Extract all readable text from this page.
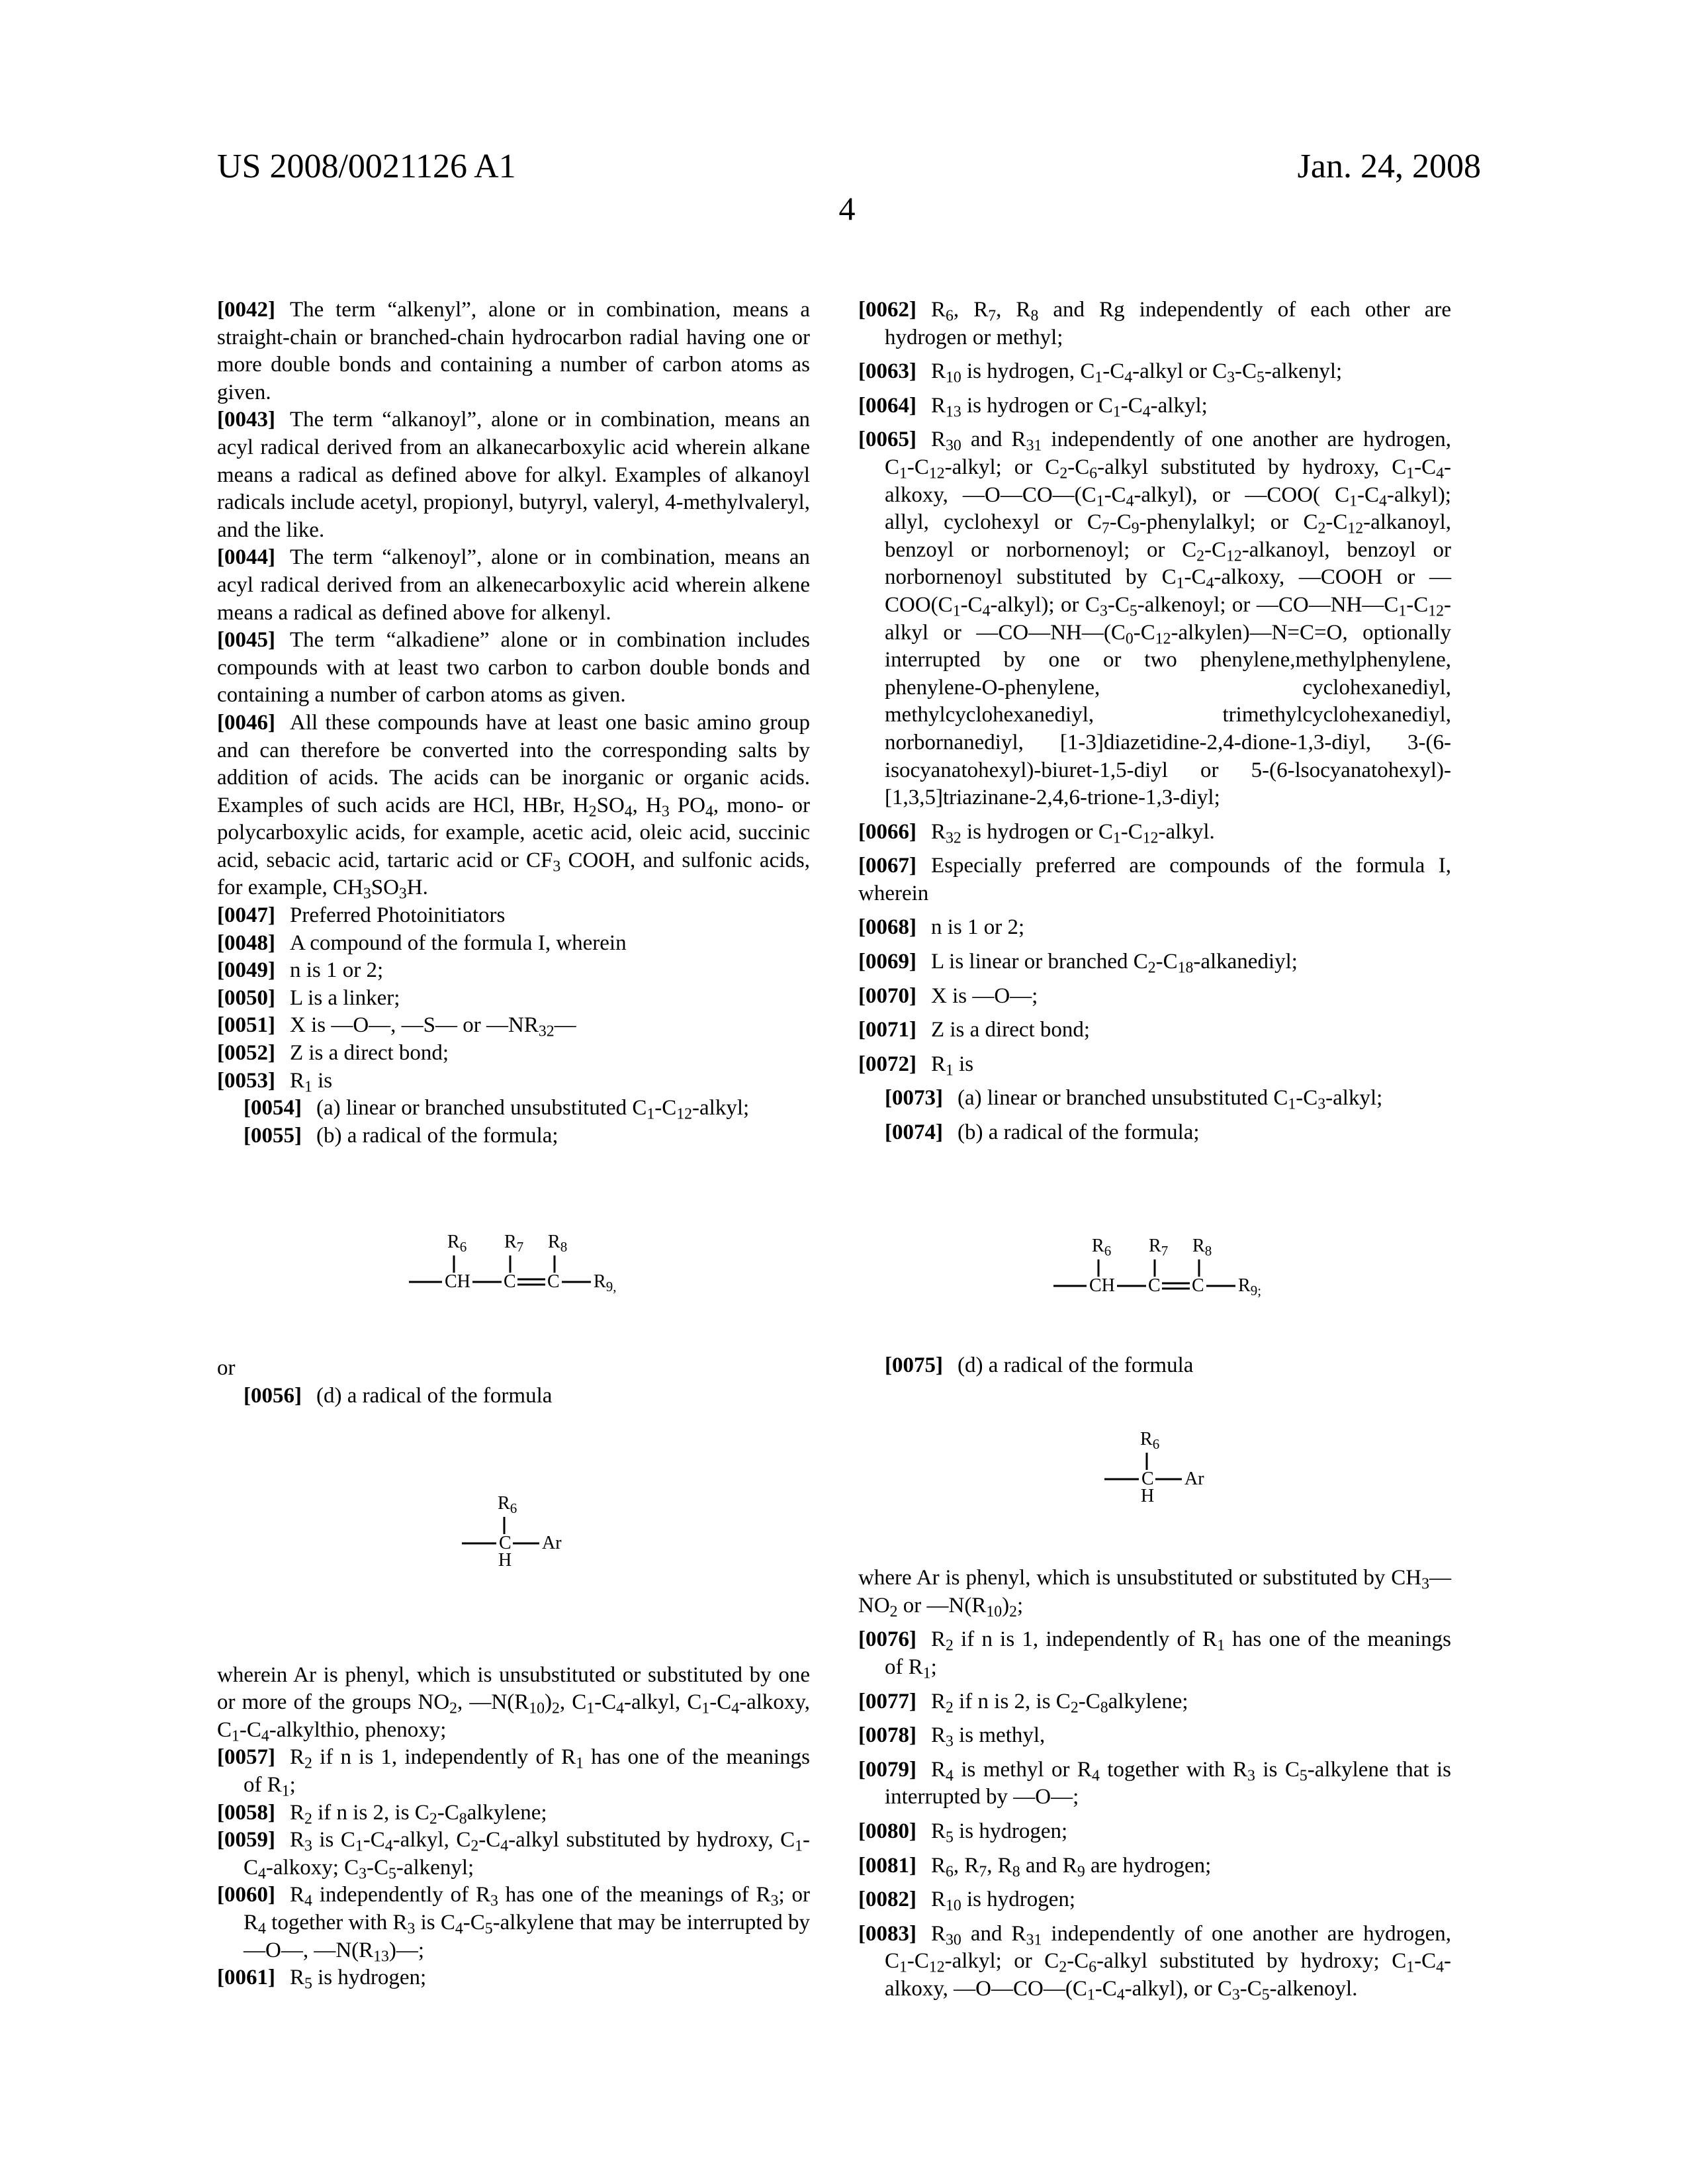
US 2008/0021126 A1	Jan. 24, 2008
4

[0042] The term “alkenyl”, alone or in combination, means a straight-chain or branched-chain hydrocarbon radial having one or more double bonds and containing a number of carbon atoms as given.

[0043] The term “alkanoyl”, alone or in combination, means an acyl radical derived from an alkanecarboxylic acid wherein alkane means a radical as defined above for alkyl. Examples of alkanoyl radicals include acetyl, propionyl, butyryl, valeryl, 4-methylvaleryl, and the like.

[0044] The term “alkenoyl”, alone or in combination, means an acyl radical derived from an alkenecarboxylic acid wherein alkene means a radical as defined above for alkenyl.

[0045] The term “alkadiene” alone or in combination includes compounds with at least two carbon to carbon double bonds and containing a number of carbon atoms as given.

[0046] All these compounds have at least one basic amino group and can therefore be converted into the corresponding salts by addition of acids. The acids can be inorganic or organic acids. Examples of such acids are HCl, HBr, $H_2SO_4$, $H_3$ $PO_4$, mono- or polycarboxylic acids, for example, acetic acid, oleic acid, succinic acid, sebacic acid, tartaric acid or $CF_3$ COOH, and sulfonic acids, for example, $CH_3SO_3H$.

[0047] Preferred Photoinitiators

[0048] A compound of the formula I, wherein

[0049] n is 1 or 2;

[0050] L is a linker;

[0051] X is —O—, —S— or $—NR_{32}—$

[0052] Z is a direct bond;

[0053] $R_1$ is

[0054] (a) linear or branched unsubstituted $C_1-C_{12}$-alkyl;

[0055] (b) a radical of the formula;

$R_6$ $R_7$ $R_8$
CH C C $R_{9,}$

or

[0056] (d) a radical of the formula

$R_6$
C
H
Ar

wherein Ar is phenyl, which is unsubstituted or substituted by one or more of the groups $NO_2$, $—N(R_{10})_2$, $C_1-C_4$-alkyl, $C_1-C_4$-alkoxy, $C_1-C_4$-alkylthio, phenoxy;

[0057] $R_2$ if n is 1, independently of $R_1$ has one of the meanings of $R_1$;

[0058] $R_2$ if n is 2, is $C_2-C_8alkylene$;

[0059] $R_3$ is $C_1-C_4$-alkyl, $C_2-C_4$-alkyl substituted by hydroxy, $C_1-C_4$-alkoxy; $C_3-C_5$-alkenyl;

[0060] $R_4$ independently of $R_3$ has one of the meanings of $R_3$; or $R_4$ together with $R_3$ is $C_4-C_5$-alkylene that may be interrupted by —O—, $—N(R_{13})—$;

[0061] $R_5$ is hydrogen;

[0062] $R_6$, $R_7$, $R_8$ and Rg independently of each other are hydrogen or methyl;

[0063] $R_{10}$ is hydrogen, $C_1-C_4$-alkyl or $C_3-C_5$-alkenyl;

[0064] $R_{13}$ is hydrogen or $C_1-C_4$-alkyl;

[0065] $R_{30}$ and $R_{31}$ independently of one another are hydrogen, $C_1-C_{12}$-alkyl; or $C_2-C_6$-alkyl substituted by hydroxy, $C_1-C_4$-alkoxy, $—O—CO—(C_1-C_4-alkyl)$, or —COO( $C_1-C_4-alkyl$); allyl, cyclohexyl or $C_7-C_9$-phenylalkyl; or $C_2-C_{12}$-alkanoyl, benzoyl or norbornenoyl; or $C_2-C_{12}$-alkanoyl, benzoyl or norbornenoyl substituted by $C_1-C_4$-alkoxy, —COOH or $—COO(C_1-C_4-alkyl)$; or $C_3-C_5$-alkenoyl; or $—CO—NH—C_1-C_{12}$-alkyl or $—CO—NH—(C_0-C_{12}-alkylen)—N=C=O$, optionally interrupted by one or two phenylene,methylphenylene, phenylene-O-phenylene, cyclohexanediyl, methylcyclohexanediyl, trimethylcyclohexanediyl, norbornanediyl, [1-3]diazetidine-2,4-dione-1,3-diyl, 3-(6-isocyanatohexyl)-biuret-1,5-diyl or 5-(6-lsocyanatohexyl)-[1,3,5]triazinane-2,4,6-trione-1,3-diyl;

[0066] $R_{32}$ is hydrogen or $C_1-C_{12}$-alkyl.

[0067] Especially preferred are compounds of the formula I, wherein

[0068] n is 1 or 2;

[0069] L is linear or branched $C_2-C_{18}$-alkanediyl;

[0070] X is —O—;

[0071] Z is a direct bond;

[0072] $R_1$ is

[0073] (a) linear or branched unsubstituted $C_1-C_3$-alkyl;

[0074] (b) a radical of the formula;

$R_6$ $R_7$ $R_8$
CH C C $R_{9;}$

[0075] (d) a radical of the formula

$R_6$
C
H
Ar

where Ar is phenyl, which is unsubstituted or substituted by $CH_3—NO_2$ or $—N(R_{10})_2$;

[0076] $R_2$ if n is 1, independently of $R_1$ has one of the meanings of $R_1$;

[0077] $R_2$ if n is 2, is $C_2-C_8alkylene$;

[0078] $R_3$ is methyl,

[0079] $R_4$ is methyl or $R_4$ together with $R_3$ is $C_5$-alkylene that is interrupted by —O—;

[0080] $R_5$ is hydrogen;

[0081] $R_6$, $R_7$, $R_8$ and $R_9$ are hydrogen;

[0082] $R_{10}$ is hydrogen;

[0083] $R_{30}$ and $R_{31}$ independently of one another are hydrogen, $C_1-C_{12}$-alkyl; or $C_2-C_6$-alkyl substituted by hydroxy; $C_1-C_4$-alkoxy, $—O—CO—(C_1-C_4-alkyl)$, or $C_3-C_5$-alkenoyl.
